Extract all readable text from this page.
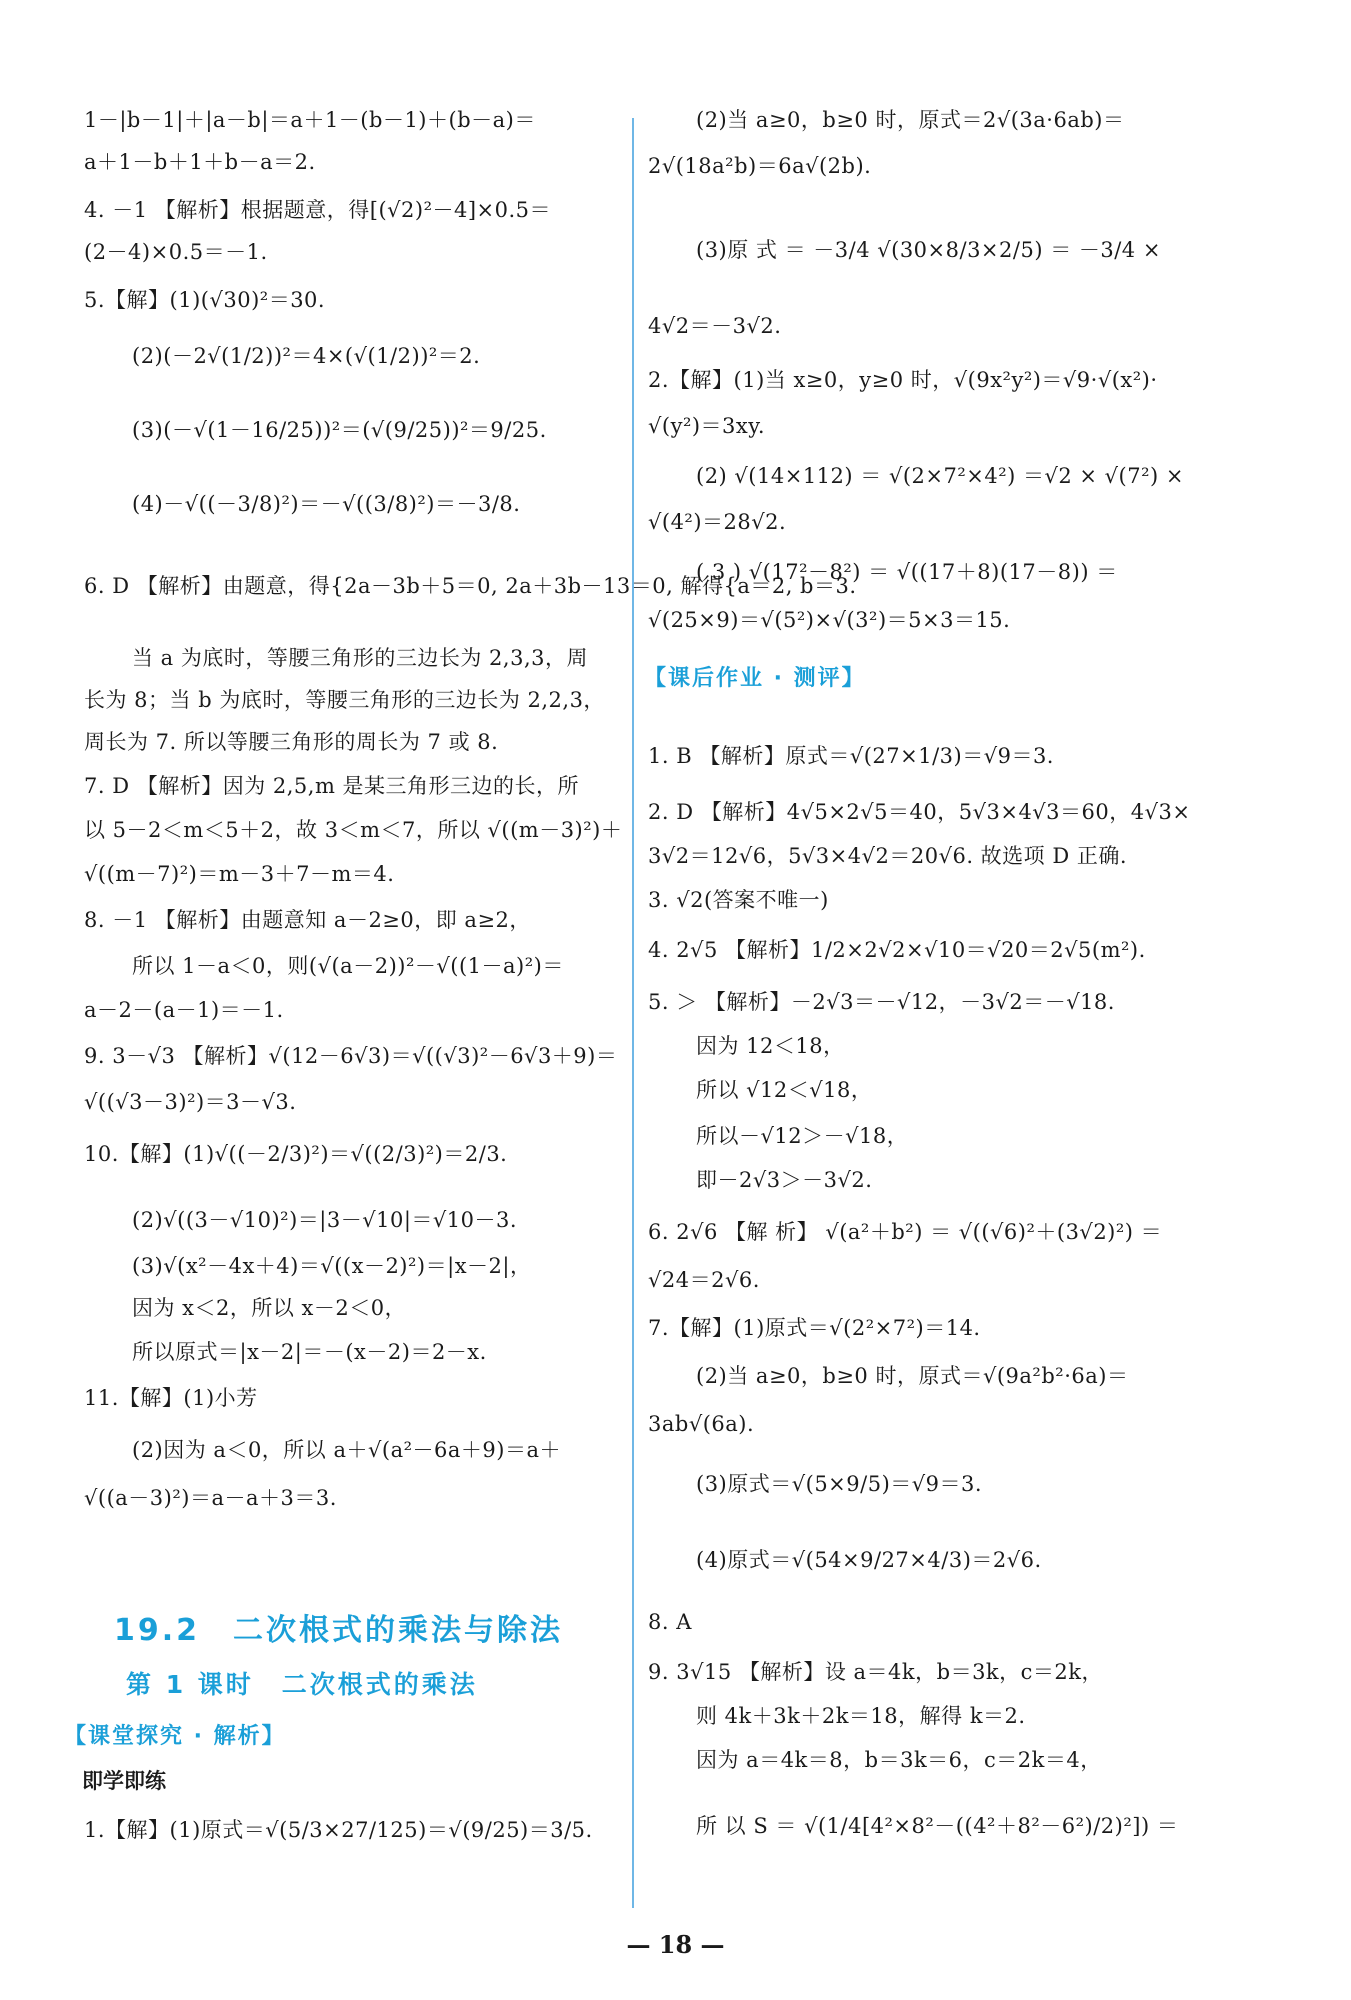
19.2　二次根式的乘法与除法
第 1 课时　二次根式的乘法
【课堂探究 · 解析】
即学即练
1－|b－1|＋|a－b|＝a＋1－(b－1)＋(b－a)＝
a＋1－b＋1＋b－a＝2.
4. －1 【解析】根据题意，得[(√2)²－4]×0.5＝
(2－4)×0.5＝－1.
5.【解】(1)(√30)²＝30.
(2)(－2√(1/2))²＝4×(√(1/2))²＝2.
(3)(－√(1－16/25))²＝(√(9/25))²＝9/25.
(4)－√((－3/8)²)＝－√((3/8)²)＝－3/8.
6. D 【解析】由题意，得{2a－3b＋5＝0, 2a＋3b－13＝0, 解得{a＝2, b＝3.
当 a 为底时，等腰三角形的三边长为 2,3,3，周
长为 8；当 b 为底时，等腰三角形的三边长为 2,2,3，
周长为 7. 所以等腰三角形的周长为 7 或 8.
7. D 【解析】因为 2,5,m 是某三角形三边的长，所
以 5－2＜m＜5＋2，故 3＜m＜7，所以 √((m－3)²)＋
√((m－7)²)＝m－3＋7－m＝4.
8. －1 【解析】由题意知 a－2≥0，即 a≥2，
所以 1－a＜0，则(√(a－2))²－√((1－a)²)＝
a－2－(a－1)＝－1.
9. 3－√3 【解析】√(12－6√3)＝√((√3)²－6√3＋9)＝
√((√3－3)²)＝3－√3.
10.【解】(1)√((－2/3)²)＝√((2/3)²)＝2/3.
(2)√((3－√10)²)＝|3－√10|＝√10－3.
(3)√(x²－4x＋4)＝√((x－2)²)＝|x－2|，
因为 x＜2，所以 x－2＜0，
所以原式＝|x－2|＝－(x－2)＝2－x.
11.【解】(1)小芳
(2)因为 a＜0，所以 a＋√(a²－6a＋9)＝a＋
√((a－3)²)＝a－a＋3＝3.
1.【解】(1)原式＝√(5/3×27/125)＝√(9/25)＝3/5.
【课后作业 · 测评】
(2)当 a≥0，b≥0 时，原式＝2√(3a·6ab)＝
2√(18a²b)＝6a√(2b).
(3)原 式 ＝ －3/4 √(30×8/3×2/5) ＝ －3/4 ×
4√2＝－3√2.
2.【解】(1)当 x≥0，y≥0 时，√(9x²y²)＝√9·√(x²)·
√(y²)＝3xy.
(2) √(14×112) ＝ √(2×7²×4²) ＝√2 × √(7²) ×
√(4²)＝28√2.
( 3 ) √(17²－8²) ＝ √((17＋8)(17－8)) ＝
√(25×9)＝√(5²)×√(3²)＝5×3＝15.
1. B 【解析】原式＝√(27×1/3)＝√9＝3.
2. D 【解析】4√5×2√5＝40，5√3×4√3＝60，4√3×
3√2＝12√6，5√3×4√2＝20√6. 故选项 D 正确.
3. √2(答案不唯一)
4. 2√5 【解析】1/2×2√2×√10＝√20＝2√5(m²).
5. ＞ 【解析】－2√3＝－√12，－3√2＝－√18.
因为 12＜18，
所以 √12＜√18，
所以－√12＞－√18，
即－2√3＞－3√2.
6. 2√6 【解 析】 √(a²＋b²) ＝ √((√6)²＋(3√2)²) ＝
√24＝2√6.
7.【解】(1)原式＝√(2²×7²)＝14.
(2)当 a≥0，b≥0 时，原式＝√(9a²b²·6a)＝
3ab√(6a).
(3)原式＝√(5×9/5)＝√9＝3.
(4)原式＝√(54×9/27×4/3)＝2√6.
8. A
9. 3√15 【解析】设 a＝4k，b＝3k，c＝2k，
则 4k＋3k＋2k＝18，解得 k＝2.
因为 a＝4k＝8，b＝3k＝6，c＝2k＝4，
所 以 S ＝ √(1/4[4²×8²－((4²＋8²－6²)/2)²]) ＝
— 18 —
